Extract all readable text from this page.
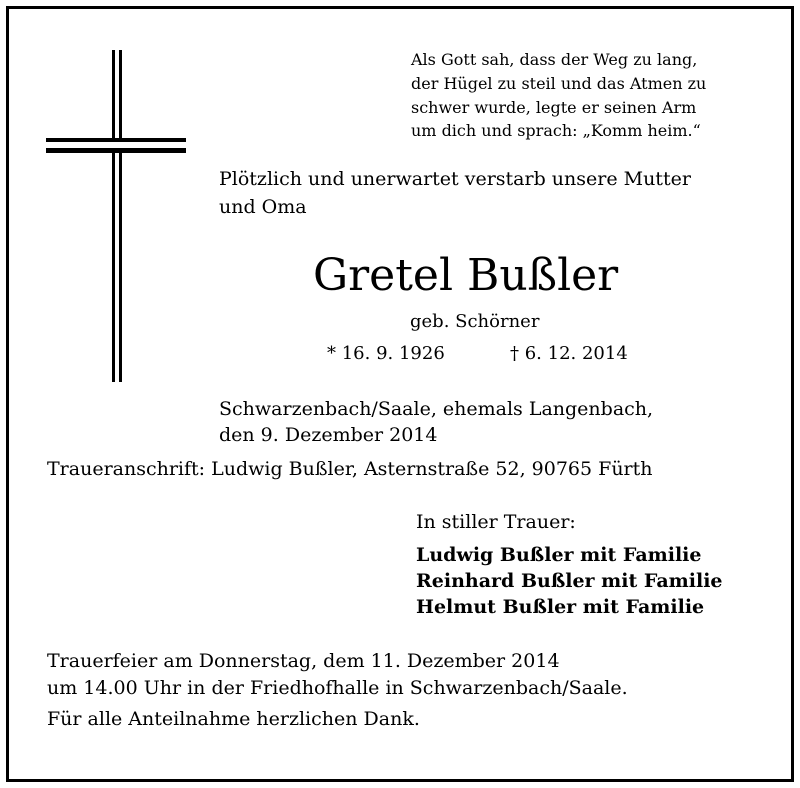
Als Gott sah, dass der Weg zu lang,
der Hügel zu steil und das Atmen zu
schwer wurde, legte er seinen Arm
um dich und sprach: „Komm heim.“
Plötzlich und unerwartet verstarb unsere Mutter
und Oma
Gretel Bußler
geb. Schörner
* 16. 9. 1926	† 6. 12. 2014
Schwarzenbach/Saale, ehemals Langenbach,
den 9. Dezember 2014
Traueranschrift: Ludwig Bußler, Asternstraße 52, 90765 Fürth
In stiller Trauer:
Ludwig Bußler mit Familie
Reinhard Bußler mit Familie
Helmut Bußler mit Familie
Trauerfeier am Donnerstag, dem 11. Dezember 2014
um 14.00 Uhr in der Friedhofhalle in Schwarzenbach/Saale.
Für alle Anteilnahme herzlichen Dank.
